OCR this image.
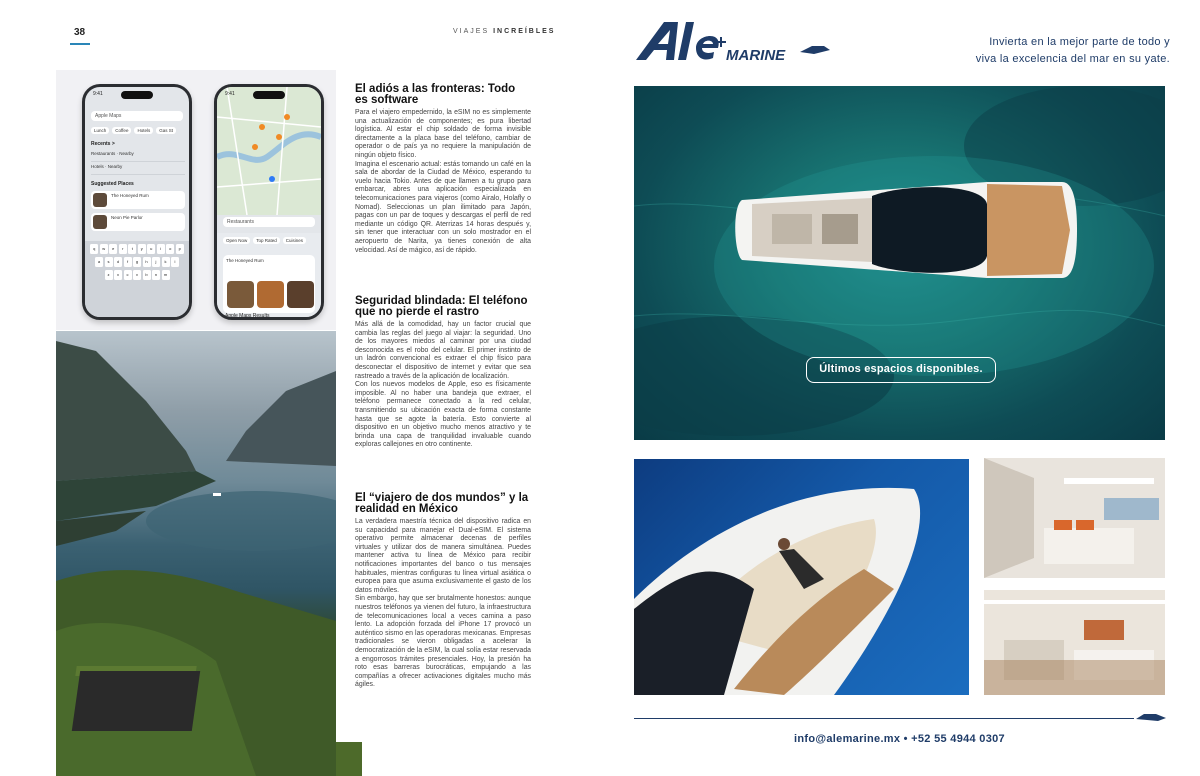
38	VIAJES INCREÍBLES
9:41
Apple Maps
Lunch	Coffee	Hotels	Gas St
Recents >
Restaurants · Nearby
Hotels · Nearby
Suggested Places
The Honeyed Rum
Neon Pie Parlor
q	w	e	r	t	y	u	i	o	p
a	s	d	f	g	h	j	k	l
z	x	c	v	b	n	m
9:41
Restaurants
Open Now	Top Rated	Cuisines
The Honeyed Rum
Apple Maps Results
El adiós a las fronteras: Todo es software

Para el viajero empedernido, la eSIM no es simplemente una actualización de componentes; es pura libertad logística. Al estar el chip soldado de forma invisible directamente a la placa base del teléfono, cambiar de operador o de país ya no requiere la manipulación de ningún objeto físico.

Imagina el escenario actual: estás tomando un café en la sala de abordar de la Ciudad de México, esperando tu vuelo hacia Tokio. Antes de que llamen a tu grupo para embarcar, abres una aplicación especializada en telecomunicaciones para viajeros (como Airalo, Holafly o Nomad). Seleccionas un plan ilimitado para Japón, pagas con un par de toques y descargas el perfil de red mediante un código QR. Aterrizas 14 horas después y, sin tener que interactuar con un solo mostrador en el aeropuerto de Narita, ya tienes conexión de alta velocidad. Así de mágico, así de rápido.

Seguridad blindada: El teléfono que no pierde el rastro

Más allá de la comodidad, hay un factor crucial que cambia las reglas del juego al viajar: la seguridad. Uno de los mayores miedos al caminar por una ciudad desconocida es el robo del celular. El primer instinto de un ladrón convencional es extraer el chip físico para desconectar el dispositivo de internet y evitar que sea rastreado a través de la aplicación de localización.

Con los nuevos modelos de Apple, eso es físicamente imposible. Al no haber una bandeja que extraer, el teléfono permanece conectado a la red celular, transmitiendo su ubicación exacta de forma constante hasta que se agote la batería. Esto convierte al dispositivo en un objetivo mucho menos atractivo y te brinda una capa de tranquilidad invaluable cuando exploras callejones en otro continente.

El “viajero de dos mundos” y la realidad en México

La verdadera maestría técnica del dispositivo radica en su capacidad para manejar el Dual-eSIM. El sistema operativo permite almacenar decenas de perfiles virtuales y utilizar dos de manera simultánea. Puedes mantener activa tu línea de México para recibir notificaciones importantes del banco o tus mensajes habituales, mientras configuras tu línea virtual asiática o europea para que asuma exclusivamente el gasto de los datos móviles.

Sin embargo, hay que ser brutalmente honestos: aunque nuestros teléfonos ya vienen del futuro, la infraestructura de telecomunicaciones local a veces camina a paso lento. La adopción forzada del iPhone 17 provocó un auténtico sismo en las operadoras mexicanas. Empresas tradicionales se vieron obligadas a acelerar la democratización de la eSIM, la cual solía estar reservada a engorrosos trámites presenciales. Hoy, la presión ha roto esas barreras burocráticas, empujando a las compañías a ofrecer activaciones digitales mucho más ágiles.

MARINE
Invierta en la mejor parte de todo y
viva la excelencia del mar en su yate.
Últimos espacios disponibles.
info@alemarine.mx • +52 55 4944 0307
